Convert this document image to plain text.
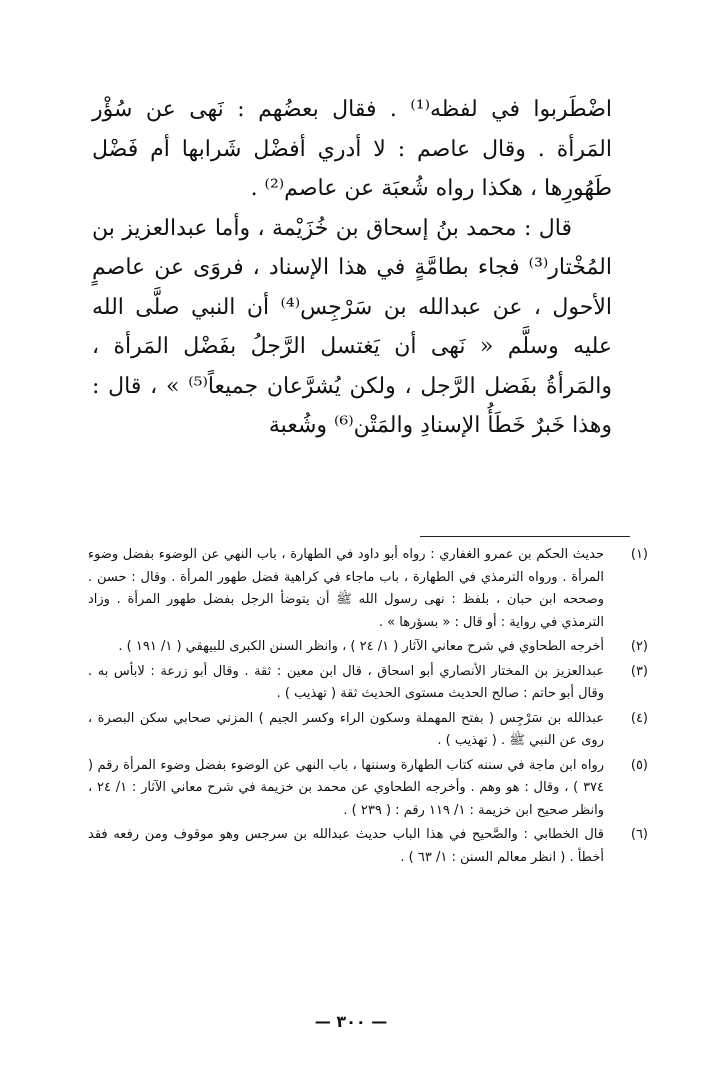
اضْطَربوا في لفظه⁽¹⁾ . فقال بعضُهم : نَهى عن سُؤْر المَرأة . وقال عاصم : لا أدري أفضْل شَرابها أم فَضْل طَهُورِها ، هكذا رواه شُعبَة عن عاصم⁽²⁾ .

قال : محمد بنُ إسحاق بن خُزَيْمة ، وأما عبدالعزيز بن المُخْتار⁽³⁾ فجاء بطامَّةٍ في هذا الإسناد ، فروَى عن عاصمٍ الأحول ، عن عبدالله بن سَرْجِس⁽⁴⁾ أن النبي صلَّى الله عليه وسلَّم « نَهى أن يَغتسل الرَّجلُ بفَضْل المَرأة ، والمَرأةُ بفَضل الرَّجل ، ولكن يُشرَّعان جميعاً⁽⁵⁾ » ، قال : وهذا خَبرٌ خَطَأُ الإسنادِ والمَتْن⁽⁶⁾ وشُعبة

(١)
حديث الحكم بن عمرو الغفاري : رواه أبو داود في الطهارة ، باب النهي عن الوضوء بفضل وضوء المرأة . ورواه الترمذي في الطهارة ، باب ماجاء في كراهية فضل طهور المرأة . وقال : حسن . وصححه ابن حبان ، بلفظ : نهى رسول الله ﷺ أن يتوضأ الرجل بفضل طهور المرأة . وزاد الترمذي في رواية : أو قال : « بسؤرها » .
(٢)
أخرجه الطحاوي في شرح معاني الآثار ( ١/ ٢٤ ) ، وانظر السنن الكبرى للبيهقي ( ١/ ١٩١ ) .
(٣)
عبدالعزيز بن المختار الأنصاري أبو اسحاق ، قال ابن معين : ثقة . وقال أبو زرعة : لابأس به . وقال أبو حاتم : صالح الحديث مستوى الحديث ثقة ( تهذيب ) .
(٤)
عبدالله بن سَرْجِس ( بفتح المهملة وسكون الراء وكسر الجيم ) المزني صحابي سكن البصرة ، روى عن النبي ﷺ . ( تهذيب ) .
(٥)
رواه ابن ماجة في سننه كتاب الطهارة وسننها ، باب النهي عن الوضوء بفضل وضوء المرأة رقم ( ٣٧٤ ) ، وقال : هو وهم . وأخرجه الطحاوي عن محمد بن خزيمة في شرح معاني الآثار : ١/ ٢٤ ، وانظر صحيح ابن خزيمة : ١/ ١١٩ رقم : ( ٢٣٩ ) .
(٦)
قال الخطابي : والصَّحيح في هذا الباب حديث عبدالله بن سرجس وهو موقوف ومن رفعه فقد أخطأ . ( انظر معالم السنن : ١/ ٦٣ ) .
— ٣٠٠ —
